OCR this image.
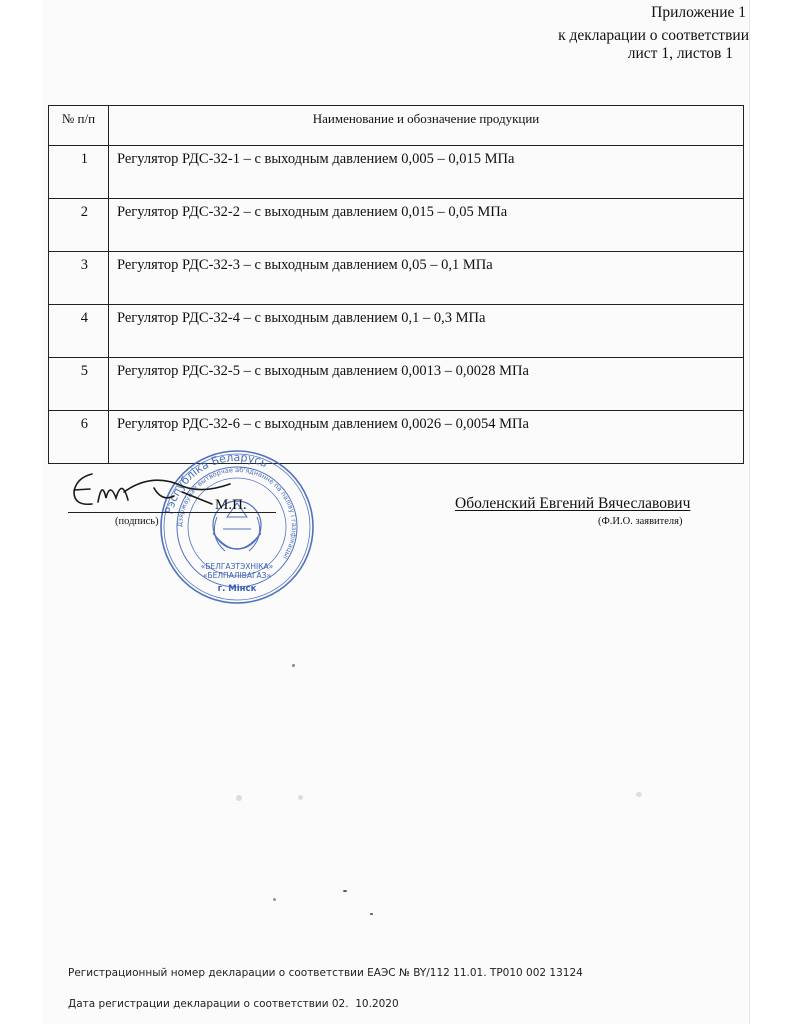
Приложение 1
к декларации о соответствии
лист 1, листов 1
№ п/п	Наименование и обозначение продукции
1	Регулятор РДС-32-1 – с выходным давлением 0,005 – 0,015 МПа
2	Регулятор РДС-32-2 – с выходным давлением 0,015 – 0,05 МПа
3	Регулятор РДС-32-3 – с выходным давлением 0,05 – 0,1 МПа
4	Регулятор РДС-32-4 – с выходным давлением 0,1 – 0,3 МПа
5	Регулятор РДС-32-5 – с выходным давлением 0,0013 – 0,0028 МПа
6	Регулятор РДС-32-6 – с выходным давлением 0,0026 – 0,0054 МПа
Рэспубліка Беларусь
Дзяржаўнае вытворчае аб'яднанне па паліву і газіфікацыі
«БЕЛГАЗТЭХНІКА»
«БЕЛПАЛІВАГАЗ»
г. Мінск
(подпись)
М.П.	Оболенский Евгений Вячеславович
(Ф.И.О. заявителя)
Регистрационный номер декларации о соответствии ЕАЭС № BY/112 11.01. ТР010 002 13124
Дата регистрации декларации о соответствии 02.  10.2020
